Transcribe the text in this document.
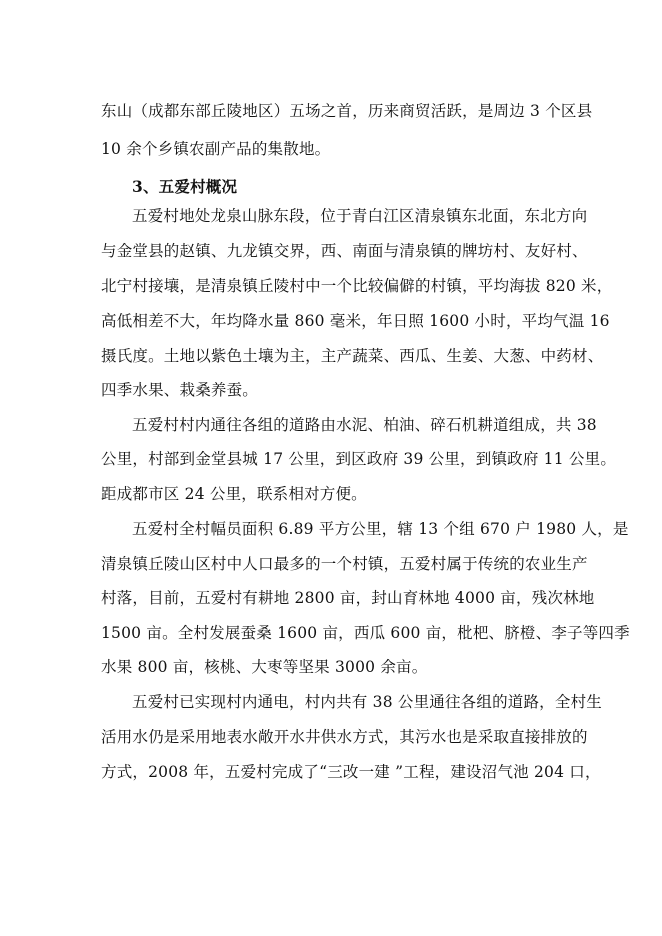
东山（成都东部丘陵地区）五场之首，历来商贸活跃，是周边 3 个区县
10 余个乡镇农副产品的集散地。
3、五爱村概况
五爱村地处龙泉山脉东段，位于青白江区清泉镇东北面，东北方向
与金堂县的赵镇、九龙镇交界，西、南面与清泉镇的牌坊村、友好村、
北宁村接壤，是清泉镇丘陵村中一个比较偏僻的村镇，平均海拔 820 米，
高低相差不大，年均降水量 860 毫米，年日照 1600 小时，平均气温 16
摄氏度。土地以紫色土壤为主，主产蔬菜、西瓜、生姜、大葱、中药材、
四季水果、栽桑养蚕。
五爱村村内通往各组的道路由水泥、柏油、碎石机耕道组成，共 38
公里，村部到金堂县城 17 公里，到区政府 39 公里，到镇政府 11 公里。
距成都市区 24 公里，联系相对方便。
五爱村全村幅员面积 6.89 平方公里，辖 13 个组 670 户 1980 人，是
清泉镇丘陵山区村中人口最多的一个村镇，五爱村属于传统的农业生产
村落，目前，五爱村有耕地 2800 亩，封山育林地 4000 亩，残次林地
1500 亩。全村发展蚕桑 1600 亩，西瓜 600 亩，枇杷、脐橙、李子等四季
水果 800 亩，核桃、大枣等坚果 3000 余亩。
五爱村已实现村内通电，村内共有 38 公里通往各组的道路，全村生
活用水仍是采用地表水敞开水井供水方式，其污水也是采取直接排放的
方式，2008 年，五爱村完成了“三改一建 ”工程，建设沼气池 204 口，
